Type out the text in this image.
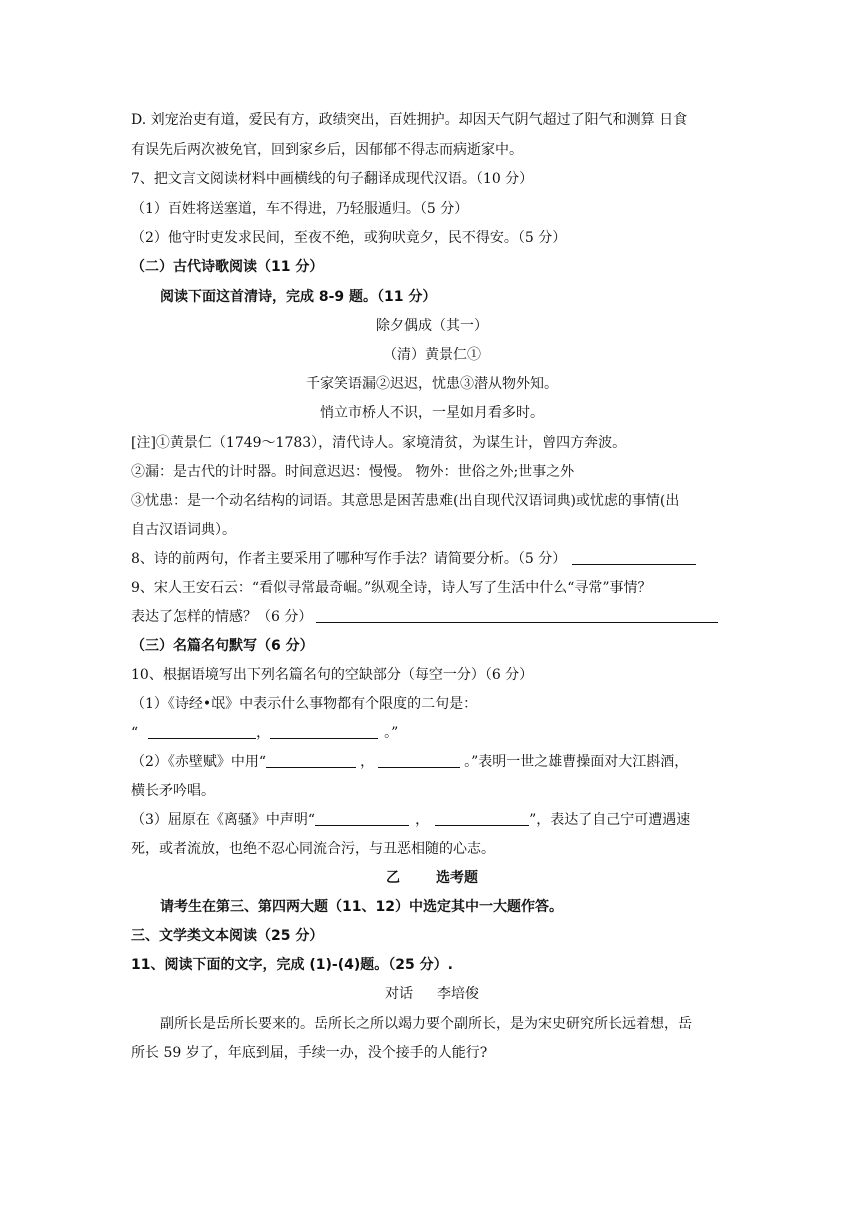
D. 刘宠治吏有道，爱民有方，政绩突出，百姓拥护。却因天气阴气超过了阳气和测算 日食
有误先后两次被免官，回到家乡后，因郁郁不得志而病逝家中。
7、把文言文阅读材料中画横线的句子翻译成现代汉语。（10 分）
（1）百姓将送塞道，车不得进，乃轻服遁归。（5 分）
（2）他守时吏发求民间，至夜不绝，或狗吠竟夕，民不得安。（5 分）
（二）古代诗歌阅读（11 分）
阅读下面这首清诗，完成 8-9 题。（11 分）
除夕偶成（其一）
（清）黄景仁①
千家笑语漏②迟迟，忧患③潜从物外知。
悄立市桥人不识，一星如月看多时。
[注]①黄景仁（1749～1783），清代诗人。家境清贫，为谋生计，曾四方奔波。
②漏：是古代的计时器。时间意迟迟：慢慢。 物外：世俗之外;世事之外
③忧患：是一个动名结构的词语。其意思是困苦患难(出自现代汉语词典)或忧虑的事情(出
自古汉语词典）。
8、诗的前两句，作者主要采用了哪种写作手法？请简要分析。（5 分）
9、宋人王安石云：“看似寻常最奇崛。”纵观全诗，诗人写了生活中什么“寻常”事情？
表达了怎样的情感？（6 分）
（三）名篇名句默写（6 分）
10、根据语境写出下列名篇名句的空缺部分（每空一分）（6 分）
（1）《诗经•氓》中表示什么事物都有个限度的二句是：
“	，	。”
（2）《赤壁赋》中用“	，	。”表明一世之雄曹操面对大江斟酒，
横长矛吟唱。
（3）屈原在《离骚》中声明“	，	”，表达了自己宁可遭遇速
死，或者流放，也绝不忍心同流合污，与丑恶相随的心志。
乙	选考题
请考生在第三、第四两大题（11、12）中选定其中一大题作答。
三、文学类文本阅读（25 分）
11、阅读下面的文字，完成 (1)-(4)题。（25 分）.
对话 李培俊
副所长是岳所长要来的。岳所长之所以竭力要个副所长，是为宋史研究所长远着想，岳
所长 59 岁了，年底到届，手续一办，没个接手的人能行?
